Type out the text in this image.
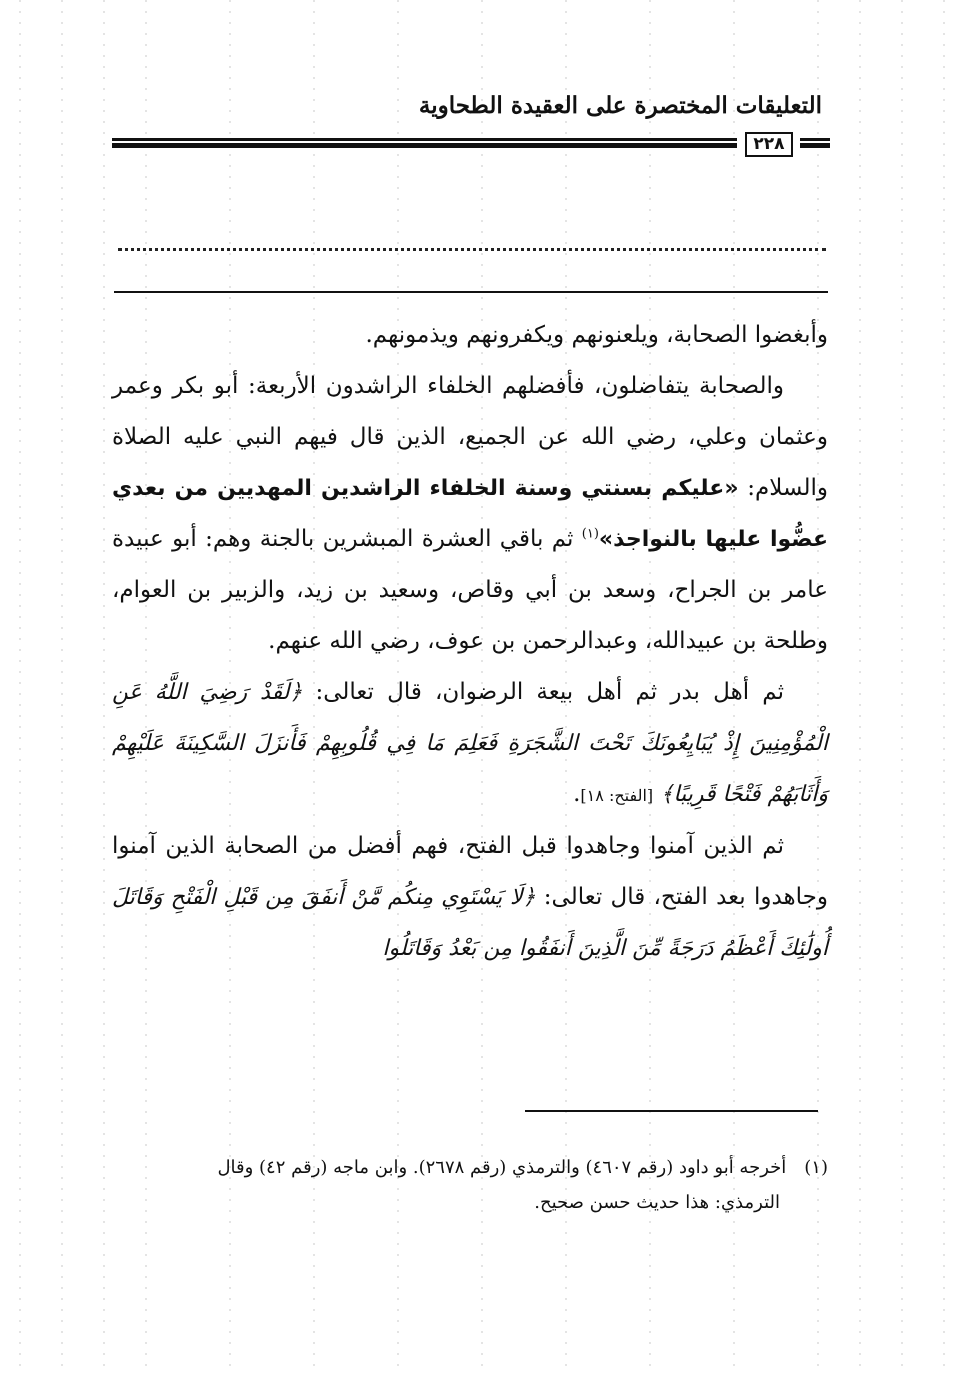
التعليقات المختصرة على العقيدة الطحاوية
٢٢٨

وأبغضوا الصحابة، ويلعنونهم ويكفرونهم ويذمونهم.

والصحابة يتفاضلون، فأفضلهم الخلفاء الراشدون الأربعة: أبو بكر وعمر وعثمان وعلي، رضي الله عن الجميع، الذين قال فيهم النبي عليه الصلاة والسلام: «عليكم بسنتي وسنة الخلفاء الراشدين المهديين من بعدي عضُّوا عليها بالنواجذ»$^{(١)}$ ثم باقي العشرة المبشرين بالجنة وهم: أبو عبيدة عامر بن الجراح، وسعد بن أبي وقاص، وسعيد بن زيد، والزبير بن العوام، وطلحة بن عبيدالله، وعبدالرحمن بن عوف، رضي الله عنهم.

ثم أهل بدر ثم أهل بيعة الرضوان، قال تعالى: ﴿لَقَدْ رَضِيَ اللَّهُ عَنِ الْمُؤْمِنِينَ إِذْ يُبَايِعُونَكَ تَحْتَ الشَّجَرَةِ فَعَلِمَ مَا فِي قُلُوبِهِمْ فَأَنزَلَ السَّكِينَةَ عَلَيْهِمْ وَأَثَابَهُمْ فَتْحًا قَرِيبًا﴾ [الفتح: ١٨].

ثم الذين آمنوا وجاهدوا قبل الفتح، فهم أفضل من الصحابة الذين آمنوا وجاهدوا بعد الفتح، قال تعالى: ﴿لَا يَسْتَوِي مِنكُم مَّنْ أَنفَقَ مِن قَبْلِ الْفَتْحِ وَقَاتَلَ أُولَٰئِكَ أَعْظَمُ دَرَجَةً مِّنَ الَّذِينَ أَنفَقُوا مِن بَعْدُ وَقَاتَلُوا

(١)أخرجه أبو داود (رقم ٤٦٠٧) والترمذي (رقم ٢٦٧٨). وابن ماجه (رقم ٤٢) وقال
الترمذي: هذا حديث حسن صحيح.
